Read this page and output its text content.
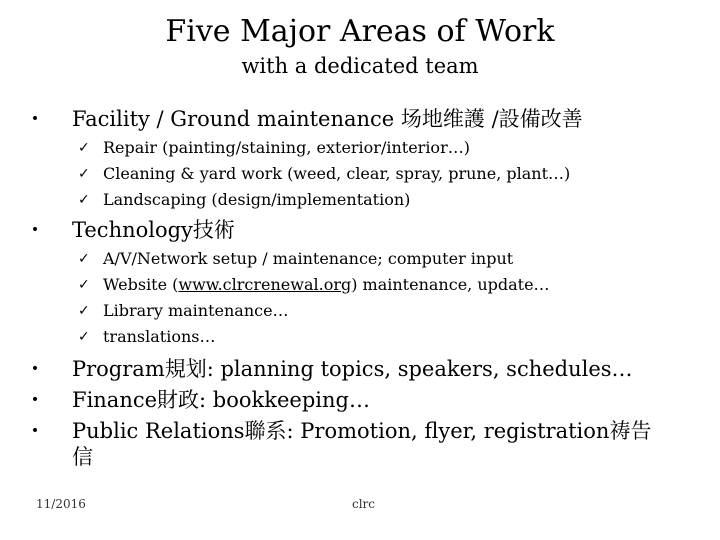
Five Major Areas of Work
with a dedicated team
• Facility / Ground maintenance 场地维護 /設備改善
✓ Repair (painting/staining, exterior/interior…)
✓ Cleaning & yard work (weed, clear, spray, prune, plant…)
✓ Landscaping (design/implementation)
• Technology技術
✓ A/V/Network setup / maintenance; computer input
✓ Website (www.clrcrenewal.org) maintenance, update…
✓ Library maintenance…
✓ translations…
• Program規划: planning topics, speakers, schedules…
• Finance財政: bookkeeping…
• Public Relations聯系: Promotion, flyer, registration祷告
信
11/2016	clrc
